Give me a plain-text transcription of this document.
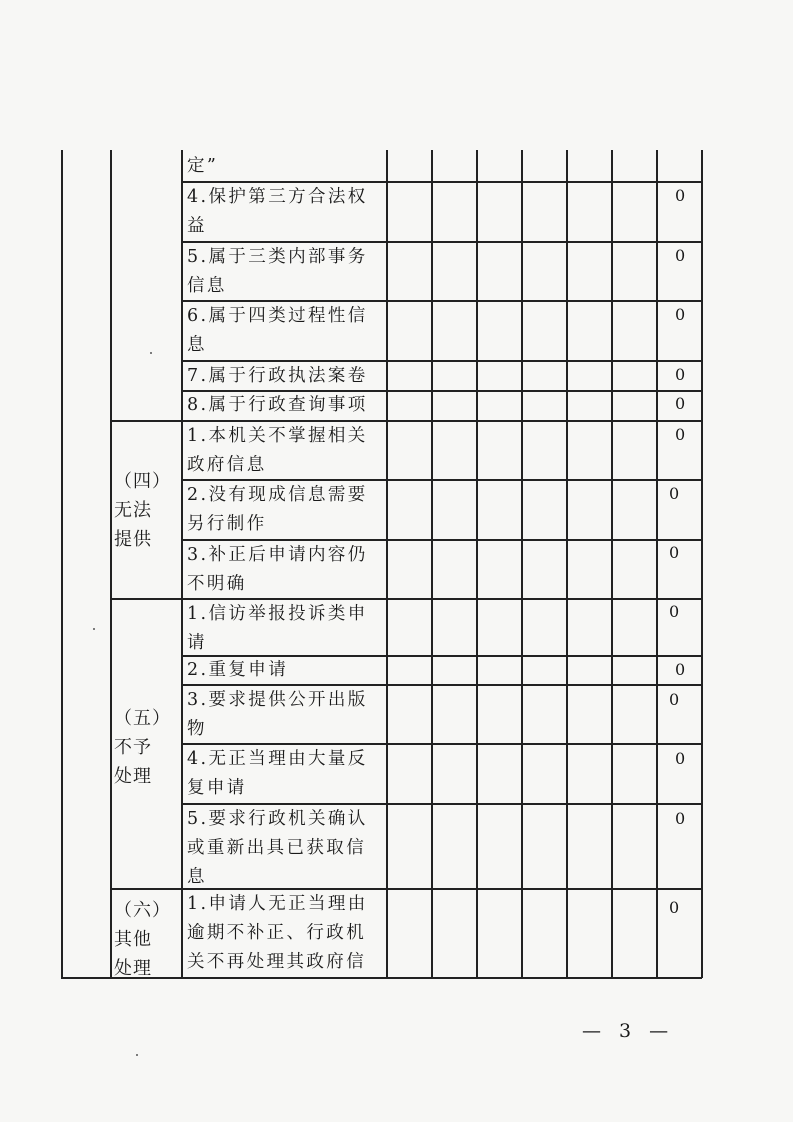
（四）
无法
提供
（五）
不予
处理
（六）
其他
处理
定”
4.保护第三方合法权
益
5.属于三类内部事务
信息
6.属于四类过程性信
息
7.属于行政执法案卷
8.属于行政查询事项
1.本机关不掌握相关
政府信息
2.没有现成信息需要
另行制作
3.补正后申请内容仍
不明确
1.信访举报投诉类申
请
2.重复申请
3.要求提供公开出版
物
4.无正当理由大量反
复申请
5.要求行政机关确认
或重新出具已获取信
息
1.申请人无正当理由
逾期不补正、行政机
关不再处理其政府信
0
0
0
0
0
0
0
0
0
0
0
0
0
0
— 3 —
